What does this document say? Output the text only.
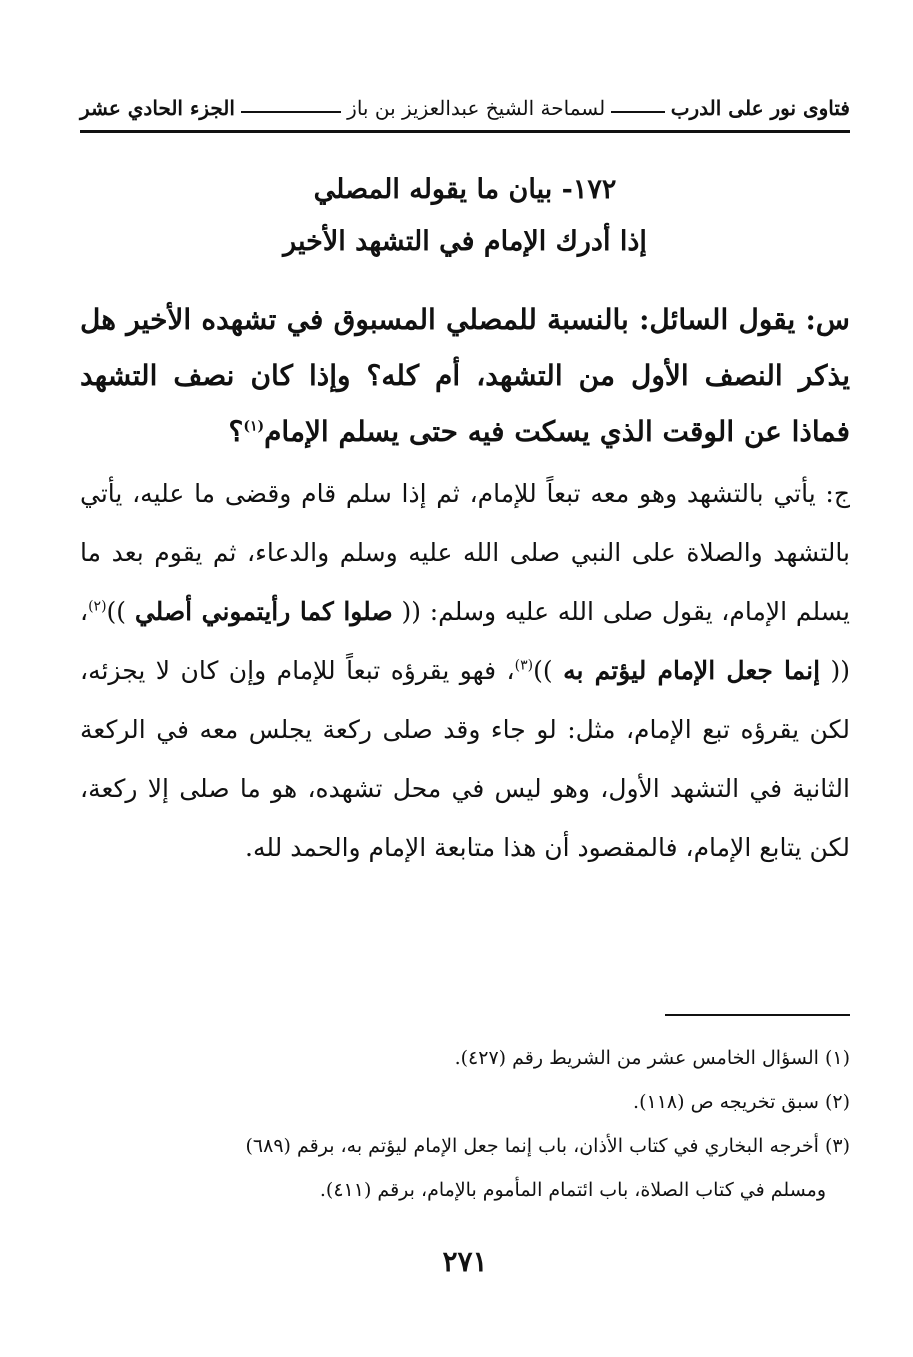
فتاوى نور على الدرب
لسماحة الشيخ عبدالعزيز بن باز
الجزء الحادي عشر
١٧٢- بيان ما يقوله المصلي
إذا أدرك الإمام في التشهد الأخير
س: يقول السائل: بالنسبة للمصلي المسبوق في تشهده الأخير هل يذكر النصف الأول من التشهد، أم كله؟ وإذا كان نصف التشهد فماذا عن الوقت الذي يسكت فيه حتى يسلم الإمام$^{(١)}$؟
ج: يأتي بالتشهد وهو معه تبعاً للإمام، ثم إذا سلم قام وقضى ما عليه، يأتي بالتشهد والصلاة على النبي صلى الله عليه وسلم والدعاء، ثم يقوم بعد ما يسلم الإمام، يقول صلى الله عليه وسلم: (( صلوا كما رأيتموني أصلي ))$^{(٢)}$، (( إنما جعل الإمام ليؤتم به ))$^{(٣)}$، فهو يقرؤه تبعاً للإمام وإن كان لا يجزئه، لكن يقرؤه تبع الإمام، مثل: لو جاء وقد صلى ركعة يجلس معه في الركعة الثانية في التشهد الأول، وهو ليس في محل تشهده، هو ما صلى إلا ركعة، لكن يتابع الإمام، فالمقصود أن هذا متابعة الإمام والحمد لله.
(١) السؤال الخامس عشر من الشريط رقم (٤٢٧).
(٢) سبق تخريجه ص (١١٨).
(٣) أخرجه البخاري في كتاب الأذان، باب إنما جعل الإمام ليؤتم به، برقم (٦٨٩)
ومسلم في كتاب الصلاة، باب ائتمام المأموم بالإمام، برقم (٤١١).
٢٧١
